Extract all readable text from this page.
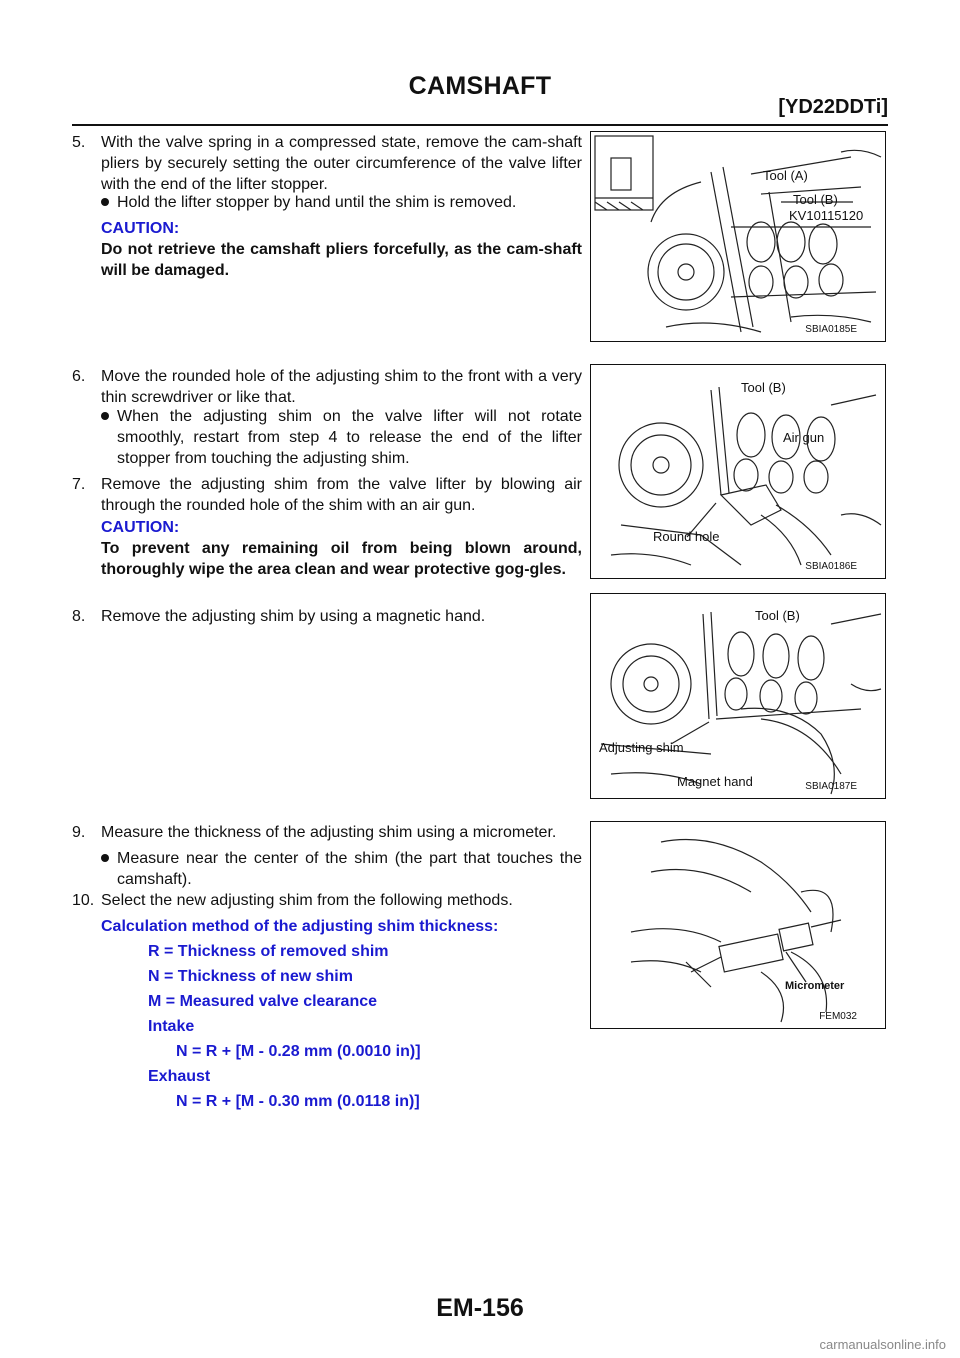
CAMSHAFT
[YD22DDTi]
5. With the valve spring in a compressed state, remove the cam-shaft pliers by securely setting the outer circumference of the valve lifter with the end of the lifter stopper.
Hold the lifter stopper by hand until the shim is removed.
CAUTION:
Do not retrieve the camshaft pliers forcefully, as the cam-shaft will be damaged.
6. Move the rounded hole of the adjusting shim to the front with a very thin screwdriver or like that.
When the adjusting shim on the valve lifter will not rotate smoothly, restart from step 4 to release the end of the lifter stopper from touching the adjusting shim.
7. Remove the adjusting shim from the valve lifter by blowing air through the rounded hole of the shim with an air gun.
CAUTION:
To prevent any remaining oil from being blown around, thoroughly wipe the area clean and wear protective gog-gles.
8. Remove the adjusting shim by using a magnetic hand.
9. Measure the thickness of the adjusting shim using a micrometer.
Measure near the center of the shim (the part that touches the camshaft).
10. Select the new adjusting shim from the following methods.
Calculation method of the adjusting shim thickness:
R = Thickness of removed shim
N = Thickness of new shim
M = Measured valve clearance
Intake
N = R + [M - 0.28 mm (0.0010 in)]
Exhaust
N = R + [M - 0.30 mm (0.0118 in)]
Tool (A)
Tool (B)
KV10115120
SBIA0185E
Tool (B)
Air gun
Round hole
SBIA0186E
Tool (B)
Adjusting shim
Magnet hand	SBIA0187E
Micrometer
FEM032
EM-156
carmanualsonline.info
